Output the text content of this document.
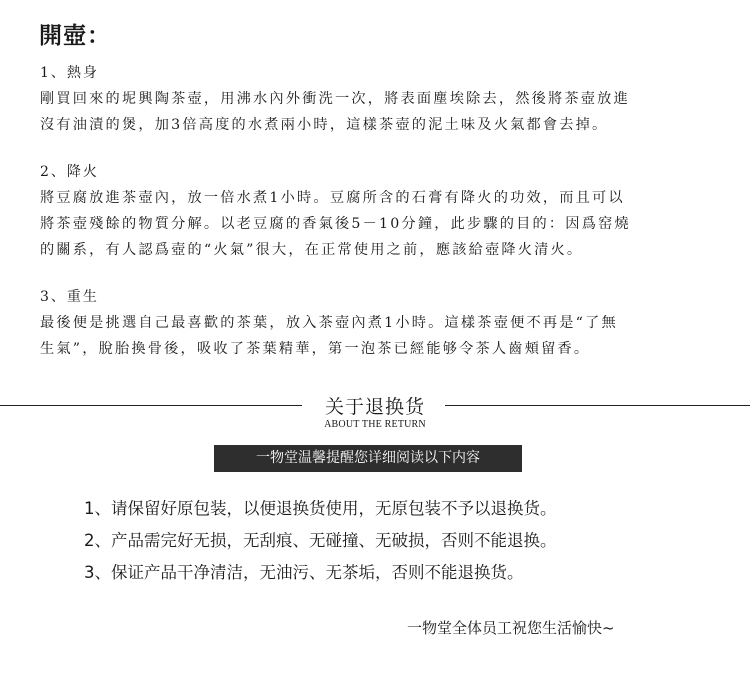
開壺：
1、熱身
剛買回來的坭興陶茶壺，用沸水內外衝洗一次，將表面塵埃除去，然後將茶壺放進
沒有油漬的煲，加3倍高度的水煮兩小時，這樣茶壺的泥土味及火氣都會去掉。
2、降火
將豆腐放進茶壺內，放一倍水煮1小時。豆腐所含的石膏有降火的功效，而且可以
將茶壺殘餘的物質分解。以老豆腐的香氣後5－10分鐘，此步驟的目的：因爲窑燒
的關系，有人認爲壺的“火氣”很大，在正常使用之前，應該給壺降火清火。
3、重生
最後便是挑選自己最喜歡的茶葉，放入茶壺內煮1小時。這樣茶壺便不再是“了無
生氣”，脫胎換骨後，吸收了茶葉精華，第一泡茶已經能够令茶人齒頰留香。
关于退换货
ABOUT THE RETURN
一物堂温馨提醒您详细阅读以下内容
1、请保留好原包装，以便退换货使用，无原包装不予以退换货。
2、产品需完好无损，无刮痕、无碰撞、无破损，否则不能退换。
3、保证产品干净清洁，无油污、无茶垢，否则不能退换货。
一物堂全体员工祝您生活愉快~
